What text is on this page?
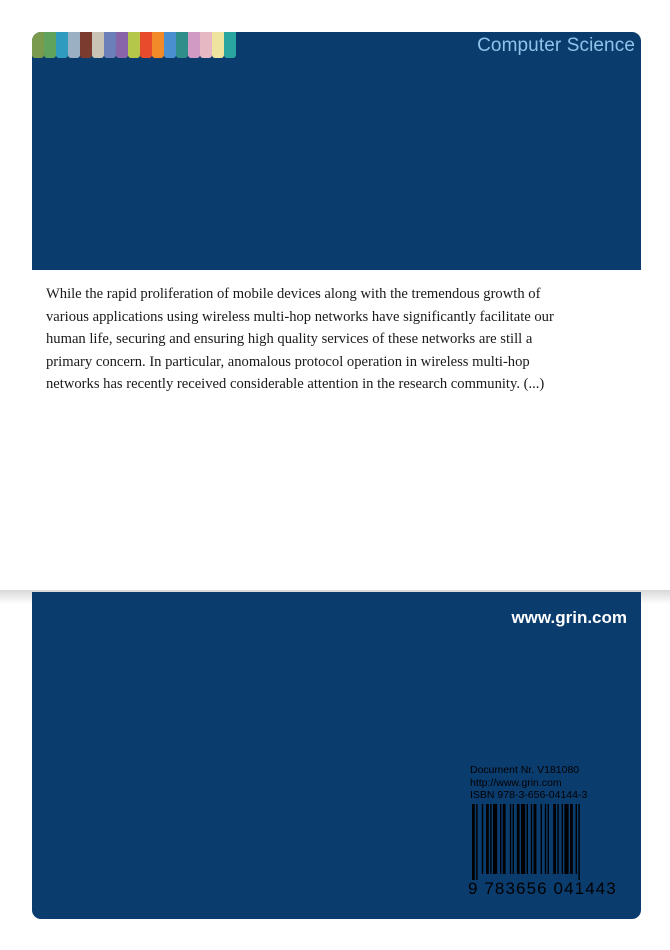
Computer Science

While the rapid proliferation of mobile devices along with the tremendous growth of various applications using wireless multi-hop networks have significantly facilitate our human life, securing and ensuring high quality services of these networks are still a primary concern. In particular, anomalous protocol operation in wireless multi-hop networks has recently received considerable attention in the research community. (...)

www.grin.com
Document Nr. V181080
http://www.grin.com
ISBN 978-3-656-04144-3
9 783656 041443
